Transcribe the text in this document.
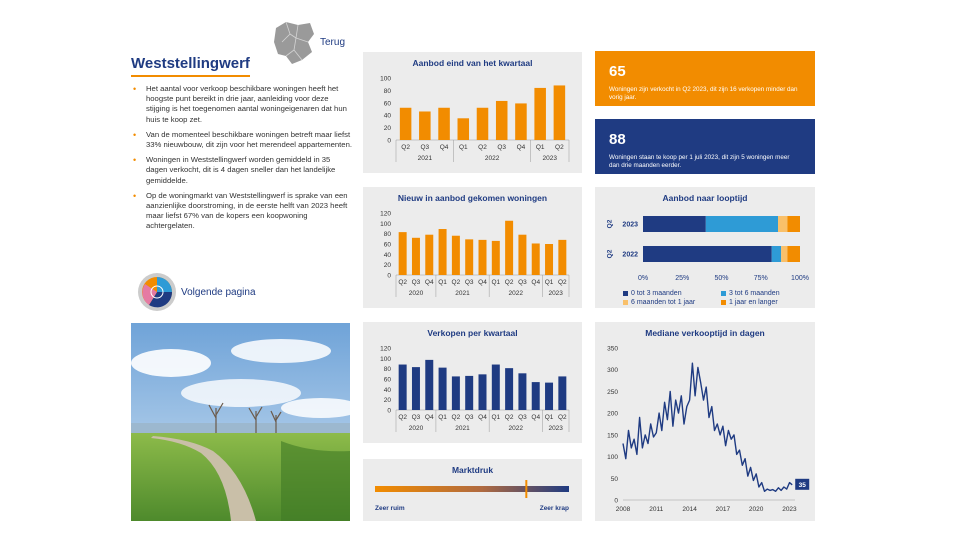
Terug
Weststellingwerf
• Het aantal voor verkoop beschikbare woningen heeft het hoogste punt bereikt in drie jaar, aanleiding voor deze stijging is het toegenomen aantal woningeigenaren dat hun huis te koop zet.
• Van de momenteel beschikbare woningen betreft maar liefst 33% nieuwbouw, dit zijn voor het merendeel appartementen.
• Woningen in Weststellingwerf worden gemiddeld in 35 dagen verkocht, dit is 4 dagen sneller dan het landelijke gemiddelde.
• Op de woningmarkt van Weststellingwerf is sprake van een aanzienlijke doorstroming, in de eerste helft van 2023 heeft maar liefst 67% van de kopers een koopwoning achtergelaten.
Volgende pagina
Aanbod eind van het kwartaal
0
20
40
60
80
100
Q2 Q3 Q4 Q1 Q2 Q3 Q4 Q1 Q2
2021	2022	2023
Nieuw in aanbod gekomen woningen
0
20
40
60
80
100
120
Q2 Q3 Q4 Q1 Q2 Q3 Q4 Q1 Q2 Q3 Q4 Q1 Q2
2020	2021	2022	2023
Verkopen per kwartaal
0
20
40
60
80
100
120
Q2 Q3 Q4 Q1 Q2 Q3 Q4 Q1 Q2 Q3 Q4 Q1 Q2
2020	2021	2022	2023
Marktdruk
Zeer ruim	Zeer krap
65
Woningen zijn verkocht in Q2 2023, dit zijn 16 verkopen minder dan vorig jaar.
88
Woningen staan te koop per 1 juli 2023, dit zijn 5 woningen meer dan drie maanden eerder.
Aanbod naar looptijd
2023
Q2
2022
Q2
0%	25%	50%	75%	100%
0 tot 3 maanden	3 tot 6 maanden
6 maanden tot 1 jaar	1 jaar en langer
Mediane verkooptijd in dagen
0
50
100
150
200
250
300
350
2008	2011	2014	2017	2020	2023
35
